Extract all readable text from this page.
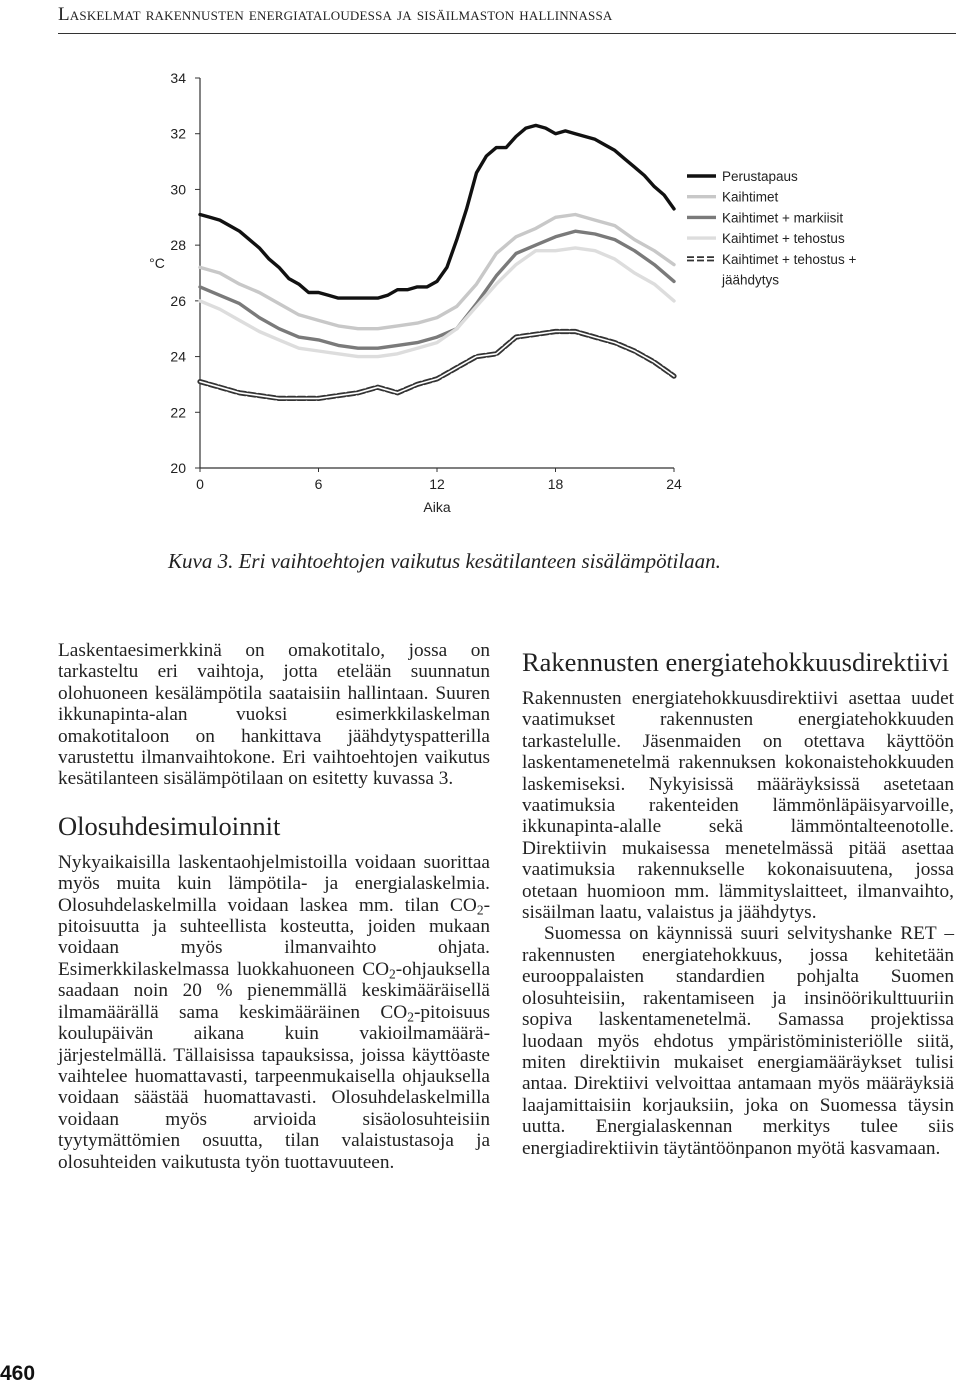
Laskelmat rakennusten energiataloudessa ja sisäilmaston hallinnassa
20
22
24
26
28
30
32
34
°C
0	6	12	18	24
Aika
Perustapaus
Kaihtimet
Kaihtimet + markiisit
Kaihtimet + tehostus
Kaihtimet + tehostus +
jäähdytys
Kuva 3. Eri vaihtoehtojen vaikutus kesätilanteen sisälämpötilaan.

Laskentaesimerkkinä on omakotitalo, jossa on tarkasteltu eri vaihtoja, jotta etelään suunnatun olohuoneen kesälämpötila saataisiin hallintaan. Suuren ikkunapinta-alan vuoksi esimerkkilaskelman omakotitaloon on hankittava jäähdytyspatterilla varustettu ilmanvaihtokone. Eri vaihtoehtojen vaikutus kesätilanteen sisälämpötilaan on esitetty kuvassa 3.

Olosuhdesimuloinnit

Nykyaikaisilla laskentaohjelmistoilla voidaan suorittaa myös muita kuin lämpötila- ja energialaskelmia. Olosuhdelaskelmilla voidaan laskea mm. tilan $CO_2$-pitoisuutta ja suhteellista kosteutta, joiden mukaan voidaan myös ilmanvaihto ohjata. Esimerkkilaskelmassa luokkahuoneen $CO_2$-ohjauksella saadaan noin 20 % pienemmällä keskimääräisellä ilmamäärällä sama keskimääräinen $CO_2$-pitoisuus koulupäivän aikana kuin vakioilmamäärä-järjestelmällä. Tällaisissa tapauksissa, joissa käyttöaste vaihtelee huomattavasti, tarpeenmukaisella ohjauksella voidaan säästää huomattavasti. Olosuhdelaskelmilla voidaan myös arvioida sisäolosuhteisiin tyytymättömien osuutta, tilan valaistustasoja ja olosuhteiden vaikutusta työn tuottavuuteen.

Rakennusten energiatehokkuusdirektiivi

Rakennusten energiatehokkuusdirektiivi asettaa uudet vaatimukset rakennusten energiatehokkuuden tarkastelulle. Jäsenmaiden on otettava käyttöön laskentamenetelmä rakennuksen kokonaistehokkuuden laskemiseksi. Nykyisissä määräyksissä asetetaan vaatimuksia rakenteiden lämmönläpäisyarvoille, ikkunapinta-alalle sekä lämmöntalteenotolle. Direktiivin mukaisessa menetelmässä pitää asettaa vaatimuksia rakennukselle kokonaisuutena, jossa otetaan huomioon mm. lämmityslaitteet, ilmanvaihto, sisäilman laatu, valaistus ja jäähdytys.

Suomessa on käynnissä suuri selvityshanke RET – rakennusten energiatehokkuus, jossa kehitetään eurooppalaisten standardien pohjalta Suomen olosuhteisiin, rakentamiseen ja insinöörikulttuuriin sopiva laskentamenetelmä. Samassa projektissa luodaan myös ehdotus ympäristöministeriölle siitä, miten direktiivin mukaiset energiamääräykset tulisi antaa. Direktiivi velvoittaa antamaan myös määräyksiä laajamittaisiin korjauksiin, joka on Suomessa täysin uutta. Energialaskennan merkitys tulee siis energiadirektiivin täytäntöönpanon myötä kasvamaan.

460
